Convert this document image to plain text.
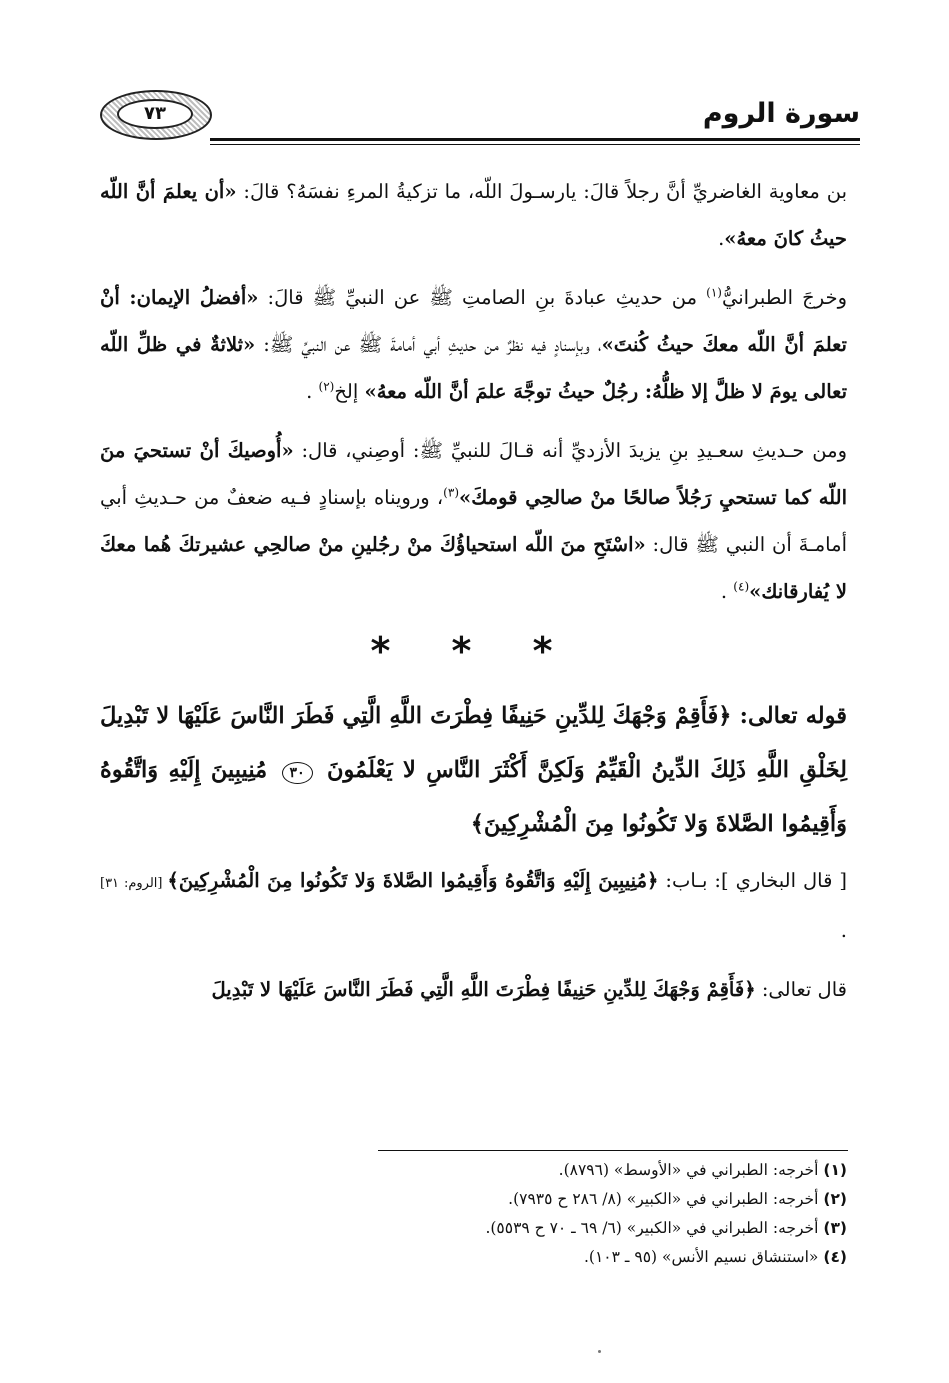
٧٣	سورة الروم

بن معاوية الغاضريِّ أنَّ رجلاً قالَ: يارسـولَ اللّه، ما تزكيةُ المرءِ نفسَهُ؟ قالَ: «أن يعلمَ أنَّ اللّه حيثُ كانَ معهُ».

وخرجَ الطبرانيُّ$^{(١)}$ من حديثِ عبادةَ بنِ الصامتِ ﷺ عن النبيِّ ﷺ قالَ: «أفضلُ الإيمان: أنْ تعلمَ أنَّ اللّه معكَ حيثُ كُنتَ»، وبإسنادٍ فيه نظرٌ من حديثِ أبي أمامةَ ﷺ عن النبيِّ ﷺ: «ثلاثةٌ في ظلِّ اللّه تعالى يومَ لا ظلَّ إلا ظلُّهُ: رجُلٌ حيثُ توجَّهَ علمَ أنَّ اللّه معهُ» إلخ$^{(٢)}$ .

ومن حـديثِ سعـيدِ بنِ يزيدَ الأزديِّ أنه قـالَ للنبيِّ ﷺ: أوصِني، قال: «أُوصيكَ أنْ تستحيَ منَ اللّه كما تستحيِ رَجُلاً صالحًا منْ صالحِي قومكَ»$^{(٣)}$، ورويناه بإسنادٍ فـيه ضعفٌ من حـديثِ أبي أمامـةَ أن النبي ﷺ قال: «اسْتَحِ منَ اللّه استحياؤُكَ منْ رجُلينِ منْ صالحِي عشيرتكَ هُما معكَ لا يُفارقانك»$^{(٤)}$ .

* * *

قوله تعالى: ﴿فَأَقِمْ وَجْهَكَ لِلدِّينِ حَنِيفًا فِطْرَتَ اللَّهِ الَّتِي فَطَرَ النَّاسَ عَلَيْهَا لا تَبْدِيلَ لِخَلْقِ اللَّهِ ذَلِكَ الدِّينُ الْقَيِّمُ وَلَكِنَّ أَكْثَرَ النَّاسِ لا يَعْلَمُونَ ٣٠ مُنِيبِينَ إِلَيْهِ وَاتَّقُوهُ وَأَقِيمُوا الصَّلاةَ وَلا تَكُونُوا مِنَ الْمُشْرِكِينَ﴾

[ قال البخاري ]: بـاب: ﴿مُنِيبِينَ إِلَيْهِ وَاتَّقُوهُ وَأَقِيمُوا الصَّلاةَ وَلا تَكُونُوا مِنَ الْمُشْرِكِينَ﴾ [الروم: ٣١] .

قال تعالى: ﴿فَأَقِمْ وَجْهَكَ لِلدِّينِ حَنِيفًا فِطْرَتَ اللَّهِ الَّتِي فَطَرَ النَّاسَ عَلَيْهَا لا تَبْدِيلَ

(١) أخرجه: الطبراني في «الأوسط» (٨٧٩٦).

(٢) أخرجه: الطبراني في «الكبير» (٨/ ٢٨٦ ح ٧٩٣٥).

(٣) أخرجه: الطبراني في «الكبير» (٦/ ٦٩ ـ ٧٠ ح ٥٥٣٩).

(٤) «استنشاق نسيم الأنس» (٩٥ ـ ١٠٣).
